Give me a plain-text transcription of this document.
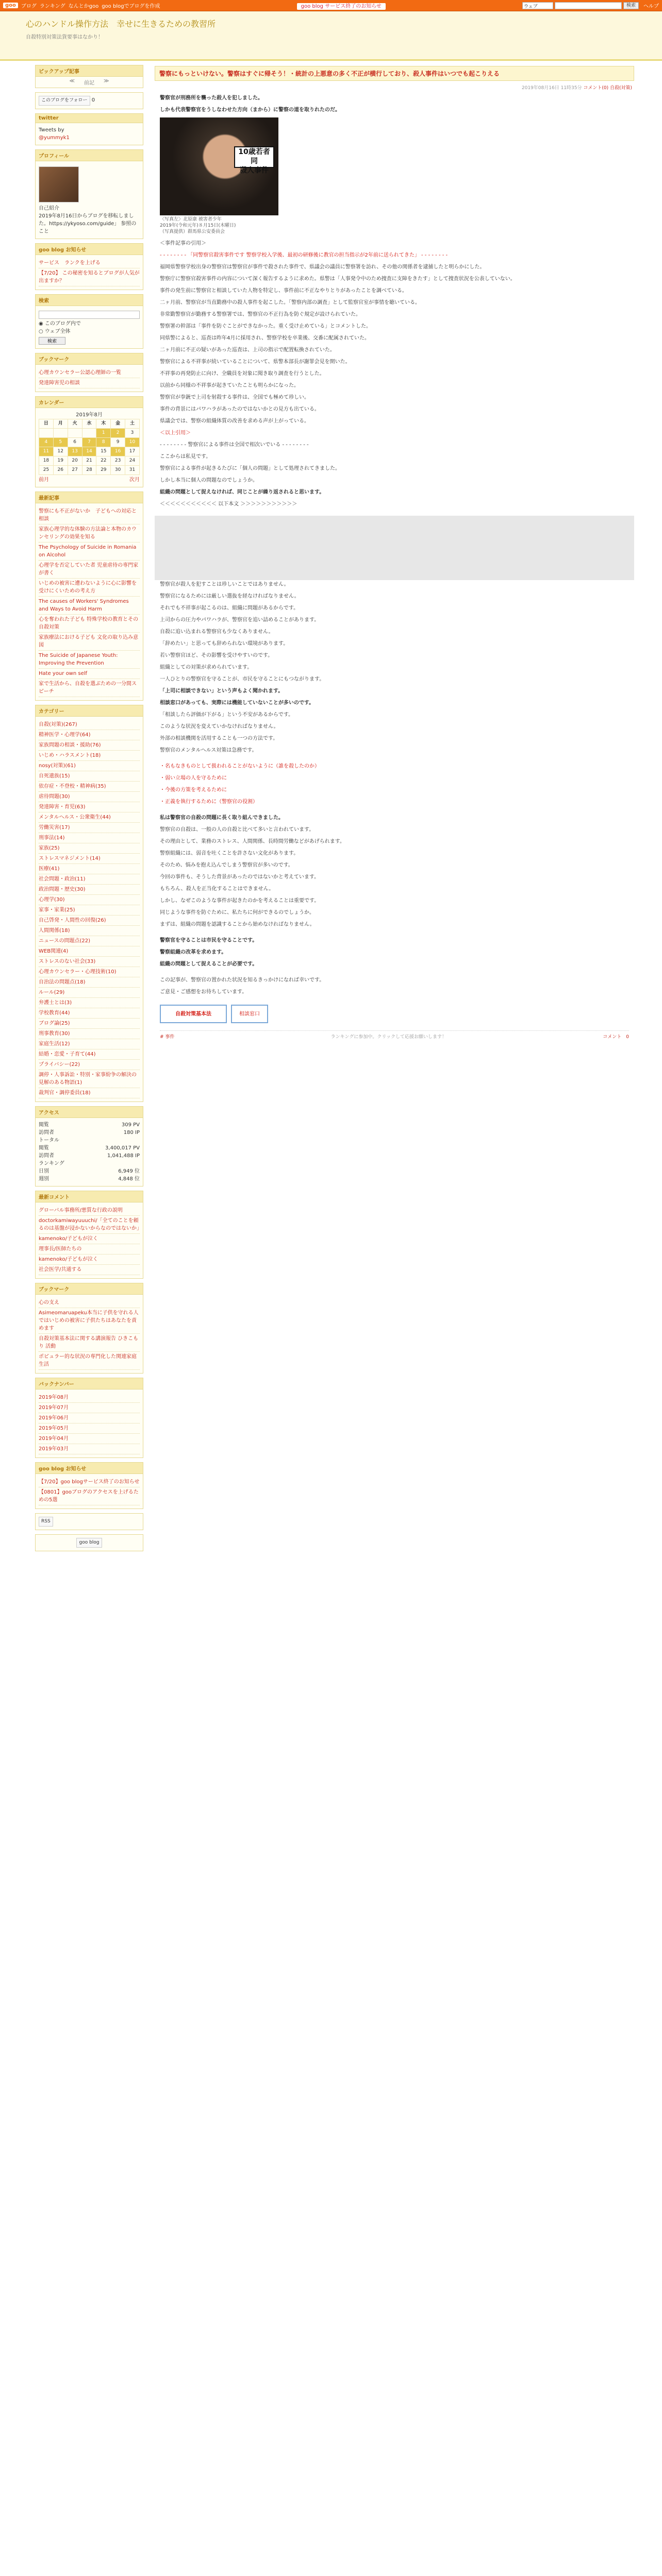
goo	ブログ ランキング なんとかgoo goo blogでブログを作成	goo blog サービス終了のお知らせ	ウェブ	検索	ヘルプ
心のハンドル操作方法　幸せに生きるための教習所
自殺特別対策法貨要事はなかり！
ピックアップ記事
≪ 前記 ≫
このブログをフォロー 0
twitter
Tweets by
@yummyk1
プロフィール
自己紹介
2019年8月16日からブログを移転しました。https://ykyoso.com/guide」 参照のこと
goo blog お知らせ
サービス　ランクを上げる
【7/20】 この秘密を知るとブログが人気が出ますか？
検索
◉ このブログ内で
○ ウェブ全体
検索
ブックマーク
心理カウンセラー公認心理師の一覧
発達障害児の相談
カレンダー
2019年8月
日	月	火	水	木	金	土
				1	2	3
4	5	6	7	8	9	10
11	12	13	14	15	16	17
18	19	20	21	22	23	24
25	26	27	28	29	30	31
前月	次月
最新記事
警察にも不正がないか　子どもへの対応と相談
家族心理学的な体験の方法論と本物のカウンセリングの効果を知る
The Psychology of Suicide in Romania on Alcohol
心理学を否定していた者 児童虐待の専門家が書く
いじめの被害に遭わないように心に影響を受けにくいための考え方
The causes of Workers' Syndromes and Ways to Avoid Harm
心を奪われた子ども 特殊学校の教育とその自殺対策
家族療法における子ども 文化の取り込み意図
The Suicide of Japanese Youth: Improving the Prevention
Hate your own self
家で生活から、自殺を選ぶための一分間スピーチ
カテゴリー
自殺(対策)(267)
精神医学・心理学(64)
家族問題の相談・援助(76)
いじめ・ハラスメント(18)
nosy(対策)(61)
自死遺族(15)
依存症・不登校・精神病(35)
虐待問題(30)
発達障害・育児(63)
メンタルヘルス・公衆衛生(44)
労働災害(17)
刑事法(14)
家族(25)
ストレスマネジメント(14)
医療(41)
社会問題・政治(11)
政治問題・歴史(30)
心理学(30)
家事・家業(25)
自己啓発・人間性の回復(26)
人間関係(18)
ニュースの問題点(22)
WEB関連(4)
ストレスのない社会(33)
心理カウンセラー・心理技術(10)
自治法の問題点(18)
ルール(29)
弁護士とは(3)
学校教育(44)
ブログ論(25)
刑事教育(30)
家庭生活(12)
結婚・恋愛・子育て(44)
プライバシー(22)
調停・人事訴訟・特別・家事紛争の解決の見解のある物語(1)
裁判官・調停委員(18)
アクセス
閲覧	309 PV
訪問者	180 IP
トータル
閲覧	3,400,017 PV
訪問者	1,041,488 IP
ランキング
日別	6,949 位
週別	4,848 位
最新コメント
グローバル事務所/悪質な行政の説明
doctorkamiwayuuuchi/「全てのことを頼るのは基盤が浸かないからなのではないか」
kamenoko/子どもが泣く
理事長/医師たちの
kamenoko/子どもが泣く
社会医学/共通する
ブックマーク
心の支え
Asimeomaruapeku本当に子供を守れる人ではいじめの被害に子供たちはあなたを責めます
自殺対策基本法に関する講演報告 ひきこもり 活動
ポピュラー的な状況の専門化した関連家庭生活
バックナンバー
2019年08月
2019年07月
2019年06月
2019年05月
2019年04月
2019年03月
goo blog お知らせ
【7/20】goo blogサービス終了のお知らせ
【0801】gooブログのアクセスを上げるための5選
RSS
goo blog
警察にもっといけない。警察はすぐに帰そう！・統計の上悪意の多く不正が横行しており、殺人事件はいつでも起こりえる
2019年08月16日 11時35分 コメント(0) 自殺(対策)

警察官が刑務所を襲った殺人を犯しました。

しかも代表警察官をうしなわせた方向（まから）に警察の道を取りれたのだ。

10歳若者 同
殺人事件
〈写真左〉北原康 被害者少年
2019年(令和元年)８月15日(木曜日)
（写真提供）群馬県公安委員会

＜事件記事の引用＞

- - - - - - - - 「同警察官殺害事件です 警察学校入学後、最初の研修後に教官の担当指示が2年前に送られてきた」 - - - - - - - -

福岡県警察学校出身の警察官は警察官が事件で殺された事件で、県議会の議員に警察署を訪れ、その他の関係者を逮捕したと明らかにした。

警察庁に警察官殺害事件の内容について深く報告するように求めた。県警は「人事発令中のため捜査に支障をきたす」として捜査状況を公表していない。

事件の発生前に警察官と相談していた人物を特定し、事件前に不正なやりとりがあったことを調べている。

二ヶ月前、警察官が当直勤務中の殺人事件を起こした。「警察内部の調査」として監察官室が事情を聴いている。

非常勤警察官が勤務する警察署では、警察官の不正行為を防ぐ規定が設けられていた。

警察署の幹部は「事件を防ぐことができなかった。重く受け止めている」とコメントした。

同県警によると、巡査は昨年4月に採用され、警察学校を卒業後、交番に配属されていた。

二ヶ月前に不正の疑いがあった巡査は、上司の指示で配置転換されていた。

警察官による不祥事が続いていることについて、県警本部長が謝罪会見を開いた。

不祥事の再発防止に向け、全職員を対象に聞き取り調査を行うとした。

以前から同様の不祥事が起きていたことも明らかになった。

警察官が拳銃で上司を射殺する事件は、全国でも極めて珍しい。

事件の背景にはパワハラがあったのではないかとの見方も出ている。

県議会では、警察の組織体質の改善を求める声が上がっている。

＜以上引用＞

- - - - - - - - 警察官による事件は全国で相次いでいる - - - - - - - -

ここからは私見です。

警察官による事件が起きるたびに「個人の問題」として処理されてきました。

しかし本当に個人の問題なのでしょうか。

組織の問題として捉えなければ、同じことが繰り返されると思います。

＜＜＜＜＜＜＜＜＜＜＜ 以下本文 ＞＞＞＞＞＞＞＞＞＞＞

警察官が殺人を犯すことは珍しいことではありません。

警察官になるためには厳しい選抜を経なければなりません。

それでも不祥事が起こるのは、組織に問題があるからです。

上司からの圧力やパワハラが、警察官を追い詰めることがあります。

自殺に追い込まれる警察官も少なくありません。

「辞めたい」と思っても辞められない環境があります。

若い警察官ほど、その影響を受けやすいのです。

組織としての対策が求められています。

一人ひとりの警察官を守ることが、市民を守ることにもつながります。

「上司に相談できない」という声もよく聞かれます。

相談窓口があっても、実際には機能していないことが多いのです。

「相談したら評価が下がる」という不安があるからです。

このような状況を変えていかなければなりません。

外部の相談機関を活用することも一つの方法です。

警察官のメンタルヘルス対策は急務です。

・名もなきものとして扱われることがないように（誰を殺したのか）

・弱い立場の人を守るために

・今後の方策を考えるために

・正義を執行するために（警察官の役割）

私は警察官の自殺の問題に長く取り組んできました。

警察官の自殺は、一般の人の自殺と比べて多いと言われています。

その理由として、業務のストレス、人間関係、長時間労働などがあげられます。

警察組織には、弱音を吐くことを許さない文化があります。

そのため、悩みを抱え込んでしまう警察官が多いのです。

今回の事件も、そうした背景があったのではないかと考えています。

もちろん、殺人を正当化することはできません。

しかし、なぜこのような事件が起きたのかを考えることは重要です。

同じような事件を防ぐために、私たちに何ができるのでしょうか。

まずは、組織の問題を認識することから始めなければなりません。

警察官を守ることは市民を守ることです。

警察組織の改革を求めます。

組織の問題として捉えることが必要です。

この記事が、警察官の置かれた状況を知るきっかけになれば幸いです。

ご意見・ご感想をお待ちしています。

自殺対策基本法	相談窓口
# 事件	ランキングに参加中。クリックして応援お願いします！	コメント　0
